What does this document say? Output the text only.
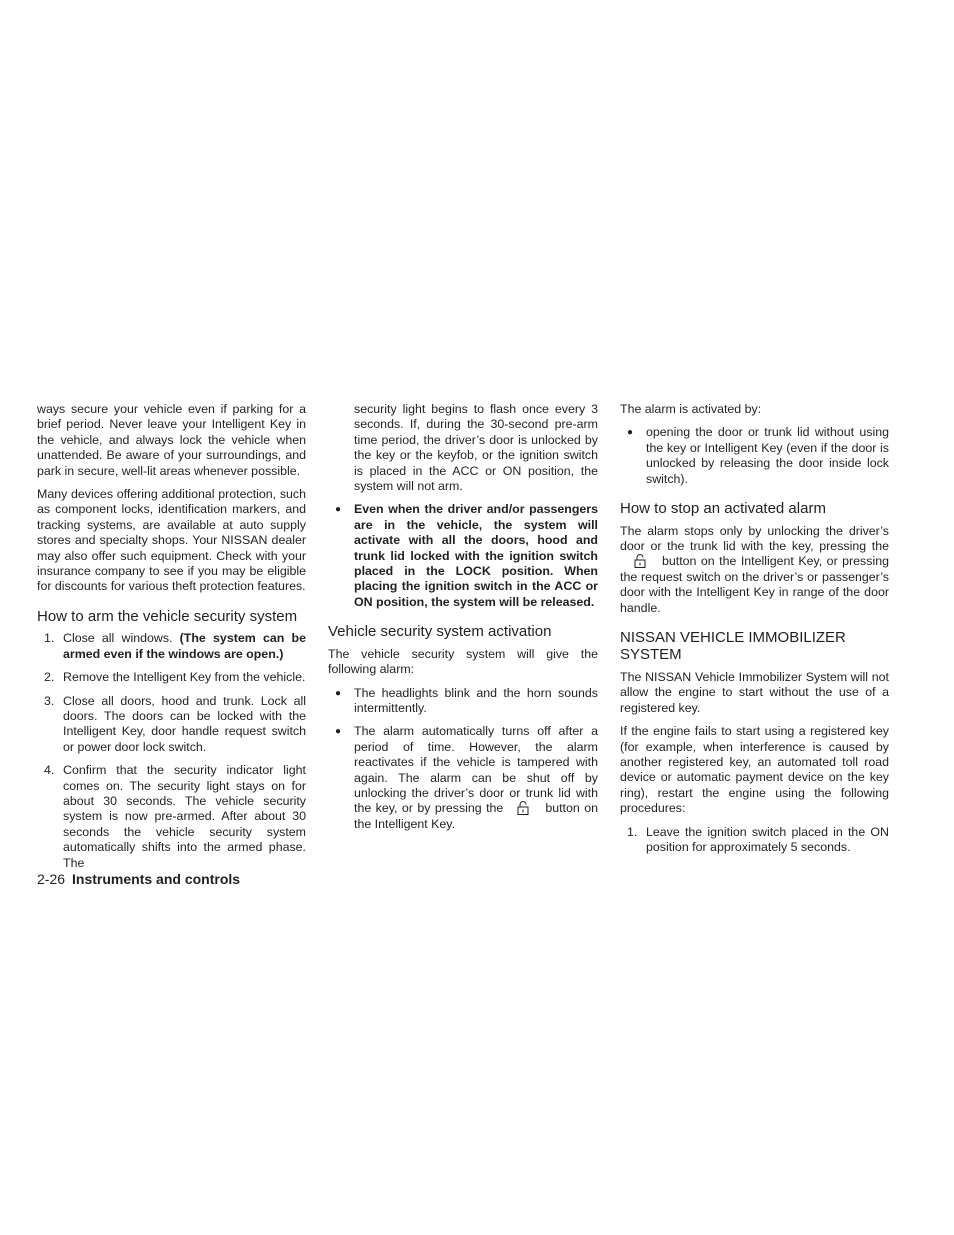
ways secure your vehicle even if parking for a brief period. Never leave your Intelligent Key in the vehicle, and always lock the vehicle when unattended. Be aware of your surroundings, and park in secure, well-lit areas whenever possible.

Many devices offering additional protection, such as component locks, identification markers, and tracking systems, are available at auto supply stores and specialty shops. Your NISSAN dealer may also offer such equipment. Check with your insurance company to see if you may be eligible for discounts for various theft protection features.

How to arm the vehicle security system
1. Close all windows. (The system can be armed even if the windows are open.)
2. Remove the Intelligent Key from the vehicle.
3. Close all doors, hood and trunk. Lock all doors. The doors can be locked with the Intelligent Key, door handle request switch or power door lock switch.
4. Confirm that the security indicator light comes on. The security light stays on for about 30 seconds. The vehicle security system is now pre-armed. After about 30 seconds the vehicle security system automatically shifts into the armed phase. The

security light begins to flash once every 3 seconds. If, during the 30-second pre-arm time period, the driver’s door is unlocked by the key or the keyfob, or the ignition switch is placed in the ACC or ON position, the system will not arm.

● Even when the driver and/or passengers are in the vehicle, the system will activate with all the doors, hood and trunk lid locked with the ignition switch placed in the LOCK position. When placing the ignition switch in the ACC or ON position, the system will be released.
Vehicle security system activation

The vehicle security system will give the following alarm:

● The headlights blink and the horn sounds intermittently.
● The alarm automatically turns off after a period of time. However, the alarm reactivates if the vehicle is tampered with again. The alarm can be shut off by unlocking the driver’s door or trunk lid with the key, or by pressing the	button on the Intelligent Key.

The alarm is activated by:

● opening the door or trunk lid without using the key or Intelligent Key (even if the door is unlocked by releasing the door inside lock switch).
How to stop an activated alarm

The alarm stops only by unlocking the driver’s door or the trunk lid with the key, pressing thebutton on the Intelligent Key, or pressing the request switch on the driver’s or passenger’s door with the Intelligent Key in range of the door handle.

NISSAN VEHICLE IMMOBILIZER SYSTEM

The NISSAN Vehicle Immobilizer System will not allow the engine to start without the use of a registered key.

If the engine fails to start using a registered key (for example, when interference is caused by another registered key, an automated toll road device or automatic payment device on the key ring), restart the engine using the following procedures:

1. Leave the ignition switch placed in the ON position for approximately 5 seconds.
2-26 Instruments and controls
